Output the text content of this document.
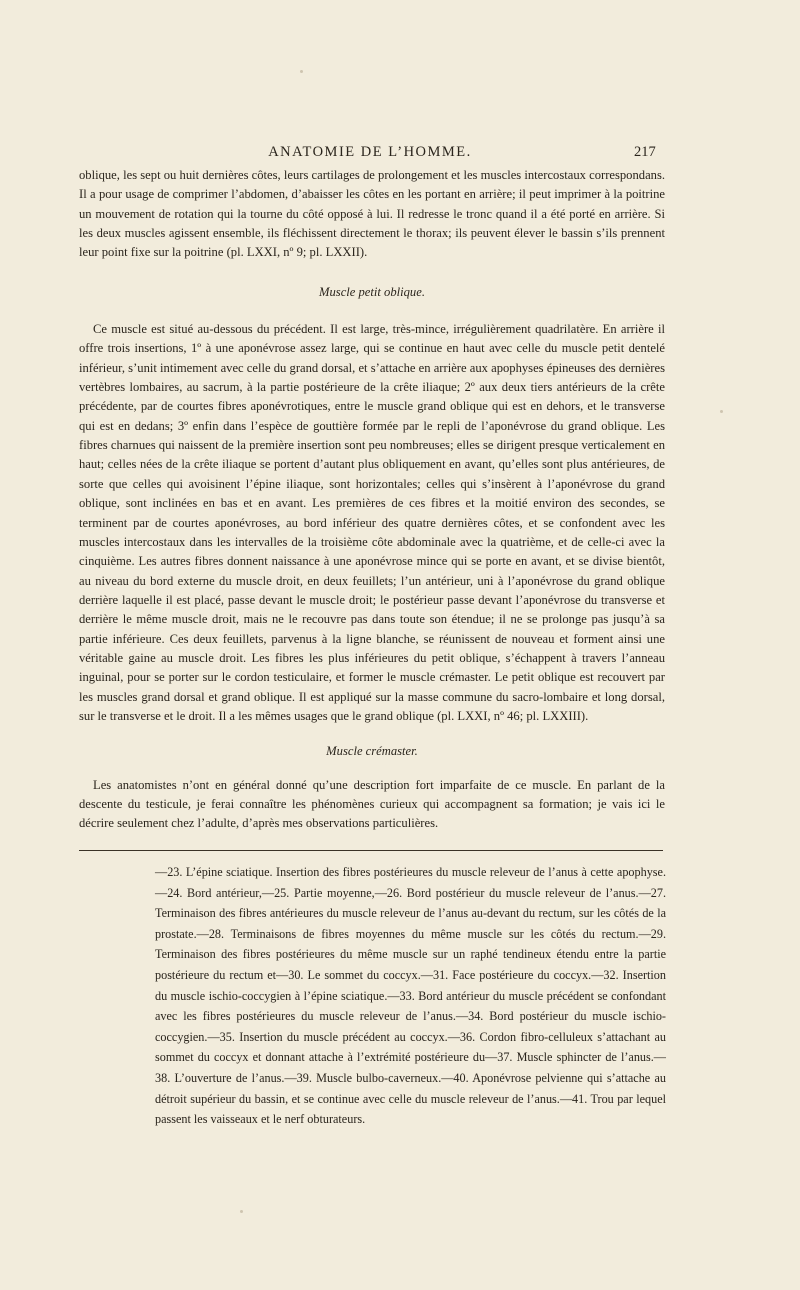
ANATOMIE DE L’HOMME.	217

oblique, les sept ou huit dernières côtes, leurs cartilages de prolongement et les muscles intercostaux correspondans. Il a pour usage de comprimer l’abdomen, d’abaisser les côtes en les portant en arrière; il peut imprimer à la poitrine un mouvement de rotation qui la tourne du côté opposé à lui. Il redresse le tronc quand il a été porté en arrière. Si les deux muscles agissent ensemble, ils fléchissent directement le thorax; ils peuvent élever le bassin s’ils prennent leur point fixe sur la poitrine (pl. LXXI, nº 9; pl. LXXII).

Muscle petit oblique.

Ce muscle est situé au-dessous du précédent. Il est large, très-mince, irrégulièrement quadrilatère. En arrière il offre trois insertions, 1º à une aponévrose assez large, qui se continue en haut avec celle du muscle petit dentelé inférieur, s’unit intimement avec celle du grand dorsal, et s’attache en arrière aux apophyses épineuses des dernières vertèbres lombaires, au sacrum, à la partie postérieure de la crête iliaque; 2º aux deux tiers antérieurs de la crête précédente, par de courtes fibres aponévrotiques, entre le muscle grand oblique qui est en dehors, et le transverse qui est en dedans; 3º enfin dans l’espèce de gouttière formée par le repli de l’aponévrose du grand oblique. Les fibres charnues qui naissent de la première insertion sont peu nombreuses; elles se dirigent presque verticalement en haut; celles nées de la crête iliaque se portent d’autant plus obliquement en avant, qu’elles sont plus antérieures, de sorte que celles qui avoisinent l’épine iliaque, sont horizontales; celles qui s’insèrent à l’aponévrose du grand oblique, sont inclinées en bas et en avant. Les premières de ces fibres et la moitié environ des secondes, se terminent par de courtes aponévroses, au bord inférieur des quatre dernières côtes, et se confondent avec les muscles intercostaux dans les intervalles de la troisième côte abdominale avec la quatrième, et de celle-ci avec la cinquième. Les autres fibres donnent naissance à une aponévrose mince qui se porte en avant, et se divise bientôt, au niveau du bord externe du muscle droit, en deux feuillets; l’un antérieur, uni à l’aponévrose du grand oblique derrière laquelle il est placé, passe devant le muscle droit; le postérieur passe devant l’aponévrose du transverse et derrière le même muscle droit, mais ne le recouvre pas dans toute son étendue; il ne se prolonge pas jusqu’à sa partie inférieure. Ces deux feuillets, parvenus à la ligne blanche, se réunissent de nouveau et forment ainsi une véritable gaine au muscle droit. Les fibres les plus inférieures du petit oblique, s’échappent à travers l’anneau inguinal, pour se porter sur le cordon testiculaire, et former le muscle crémaster. Le petit oblique est recouvert par les muscles grand dorsal et grand oblique. Il est appliqué sur la masse commune du sacro-lombaire et long dorsal, sur le transverse et le droit. Il a les mêmes usages que le grand oblique (pl. LXXI, nº 46; pl. LXXIII).

Muscle crémaster.

Les anatomistes n’ont en général donné qu’une description fort imparfaite de ce muscle. En parlant de la descente du testicule, je ferai connaître les phénomènes curieux qui accompagnent sa formation; je vais ici le décrire seulement chez l’adulte, d’après mes observations particulières.

—23. L’épine sciatique. Insertion des fibres postérieures du muscle releveur de l’anus à cette apophyse.—24. Bord antérieur,—25. Partie moyenne,—26. Bord postérieur du muscle releveur de l’anus.—27. Terminaison des fibres antérieures du muscle releveur de l’anus au-devant du rectum, sur les côtés de la prostate.—28. Terminaisons de fibres moyennes du même muscle sur les côtés du rectum.—29. Terminaison des fibres postérieures du même muscle sur un raphé tendineux étendu entre la partie postérieure du rectum et—30. Le sommet du coccyx.—31. Face postérieure du coccyx.—32. Insertion du muscle ischio-coccygien à l’épine sciatique.—33. Bord antérieur du muscle précédent se confondant avec les fibres postérieures du muscle releveur de l’anus.—34. Bord postérieur du muscle ischio-coccygien.—35. Insertion du muscle précédent au coccyx.—36. Cordon fibro-celluleux s’attachant au sommet du coccyx et donnant attache à l’extrémité postérieure du—37. Muscle sphincter de l’anus.—38. L’ouverture de l’anus.—39. Muscle bulbo-caverneux.—40. Aponévrose pelvienne qui s’attache au détroit supérieur du bassin, et se continue avec celle du muscle releveur de l’anus.—41. Trou par lequel passent les vaisseaux et le nerf obturateurs.
